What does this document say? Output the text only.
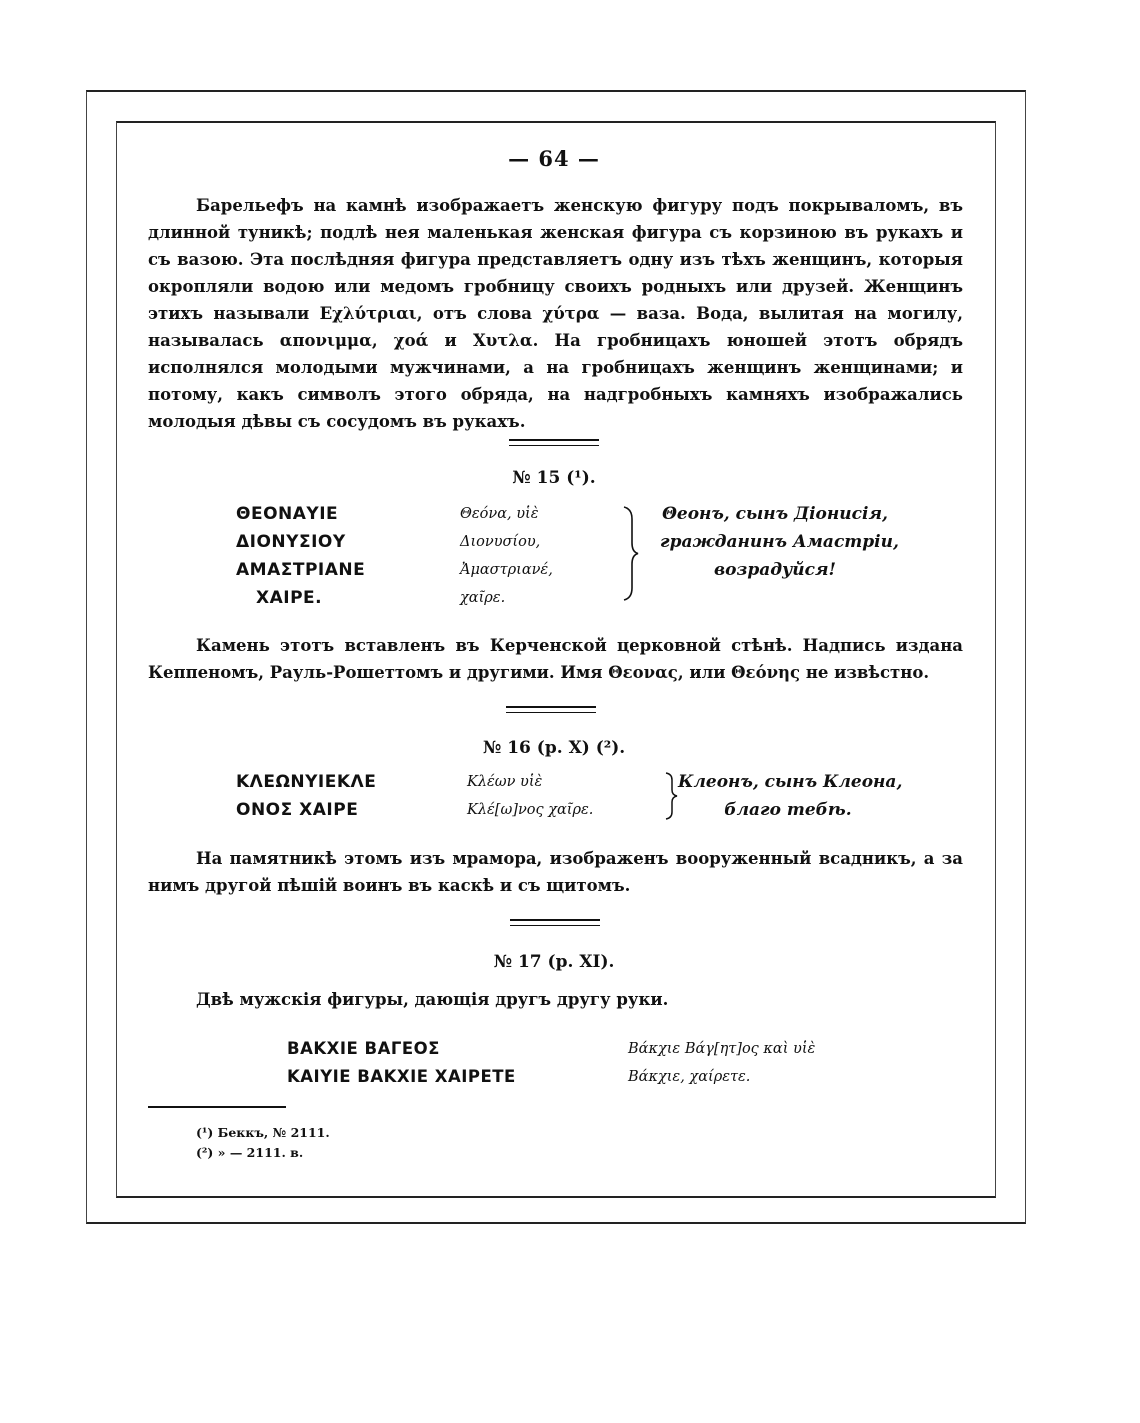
— 64 —

Барельефъ на камнѣ изображаетъ женскую фигуру подъ покрываломъ, въ длинной туникѣ; подлѣ нея маленькая женская фигура съ корзиною въ рукахъ и съ вазою. Эта послѣдняя фигура представляетъ одну изъ тѣхъ женщинъ, которыя окропляли водою или медомъ гробницу своихъ родныхъ или друзей. Женщинъ этихъ называли Εχλύτριαι, отъ слова χύτρα — ваза. Вода, вылитая на могилу, называлась απονιμμα, χοά и Χυτλα. На гробницахъ юношей этотъ обрядъ исполнялся молодыми мужчинами, а на гробницахъ женщинъ женщинами; и потому, какъ символъ этого обряда, на надгробныхъ камняхъ изображались молодыя дѣвы съ сосудомъ въ рукахъ.

№ 15 (¹).
ΘΕΟΝΑΥΙΕ
ΔΙΟΝΥΣΙΟΥ
ΑΜΑΣΤΡΙΑΝΕ
ΧΑΙΡΕ.
Θεόνα, υἱὲ
Διονυσίου,
Ἀμαστριανέ,
χαῖρε.
Θеонъ, сынъ Діонисія,
гражданинъ Амастріи,
возрадуйся!

Камень этотъ вставленъ въ Керченской церковной стѣнѣ. Надпись издана Кеппеномъ, Рауль-Рошеттомъ и другими. Имя Θεονας, или Θεόνης не извѣстно.

№ 16 (р. X) (²).
ΚΛΕΩΝΥΙΕΚΛΕ
ΟΝΟΣ ΧΑΙΡΕ
Κλέων υἱὲ
Κλέ[ω]νος χαῖρε.
Клеонъ, сынъ Клеона,
благо тебѣ.

На памятникѣ этомъ изъ мрамора, изображенъ вооруженный всадникъ, а за нимъ другой пѣшій воинъ въ каскѣ и съ щитомъ.

№ 17 (р. XI).

Двѣ мужскія фигуры, дающія другъ другу руки.

ΒΑΚΧΙΕ ΒΑΓΕΟΣ
ΚΑΙΥΙΕ ΒΑΚΧΙΕ ΧΑΙΡΕΤΕ
Βάκχιε Βάγ[ητ]ος καὶ υἱὲ
Βάκχιε, χαίρετε.
(¹) Беккъ, № 2111.
(²) » — 2111. в.
